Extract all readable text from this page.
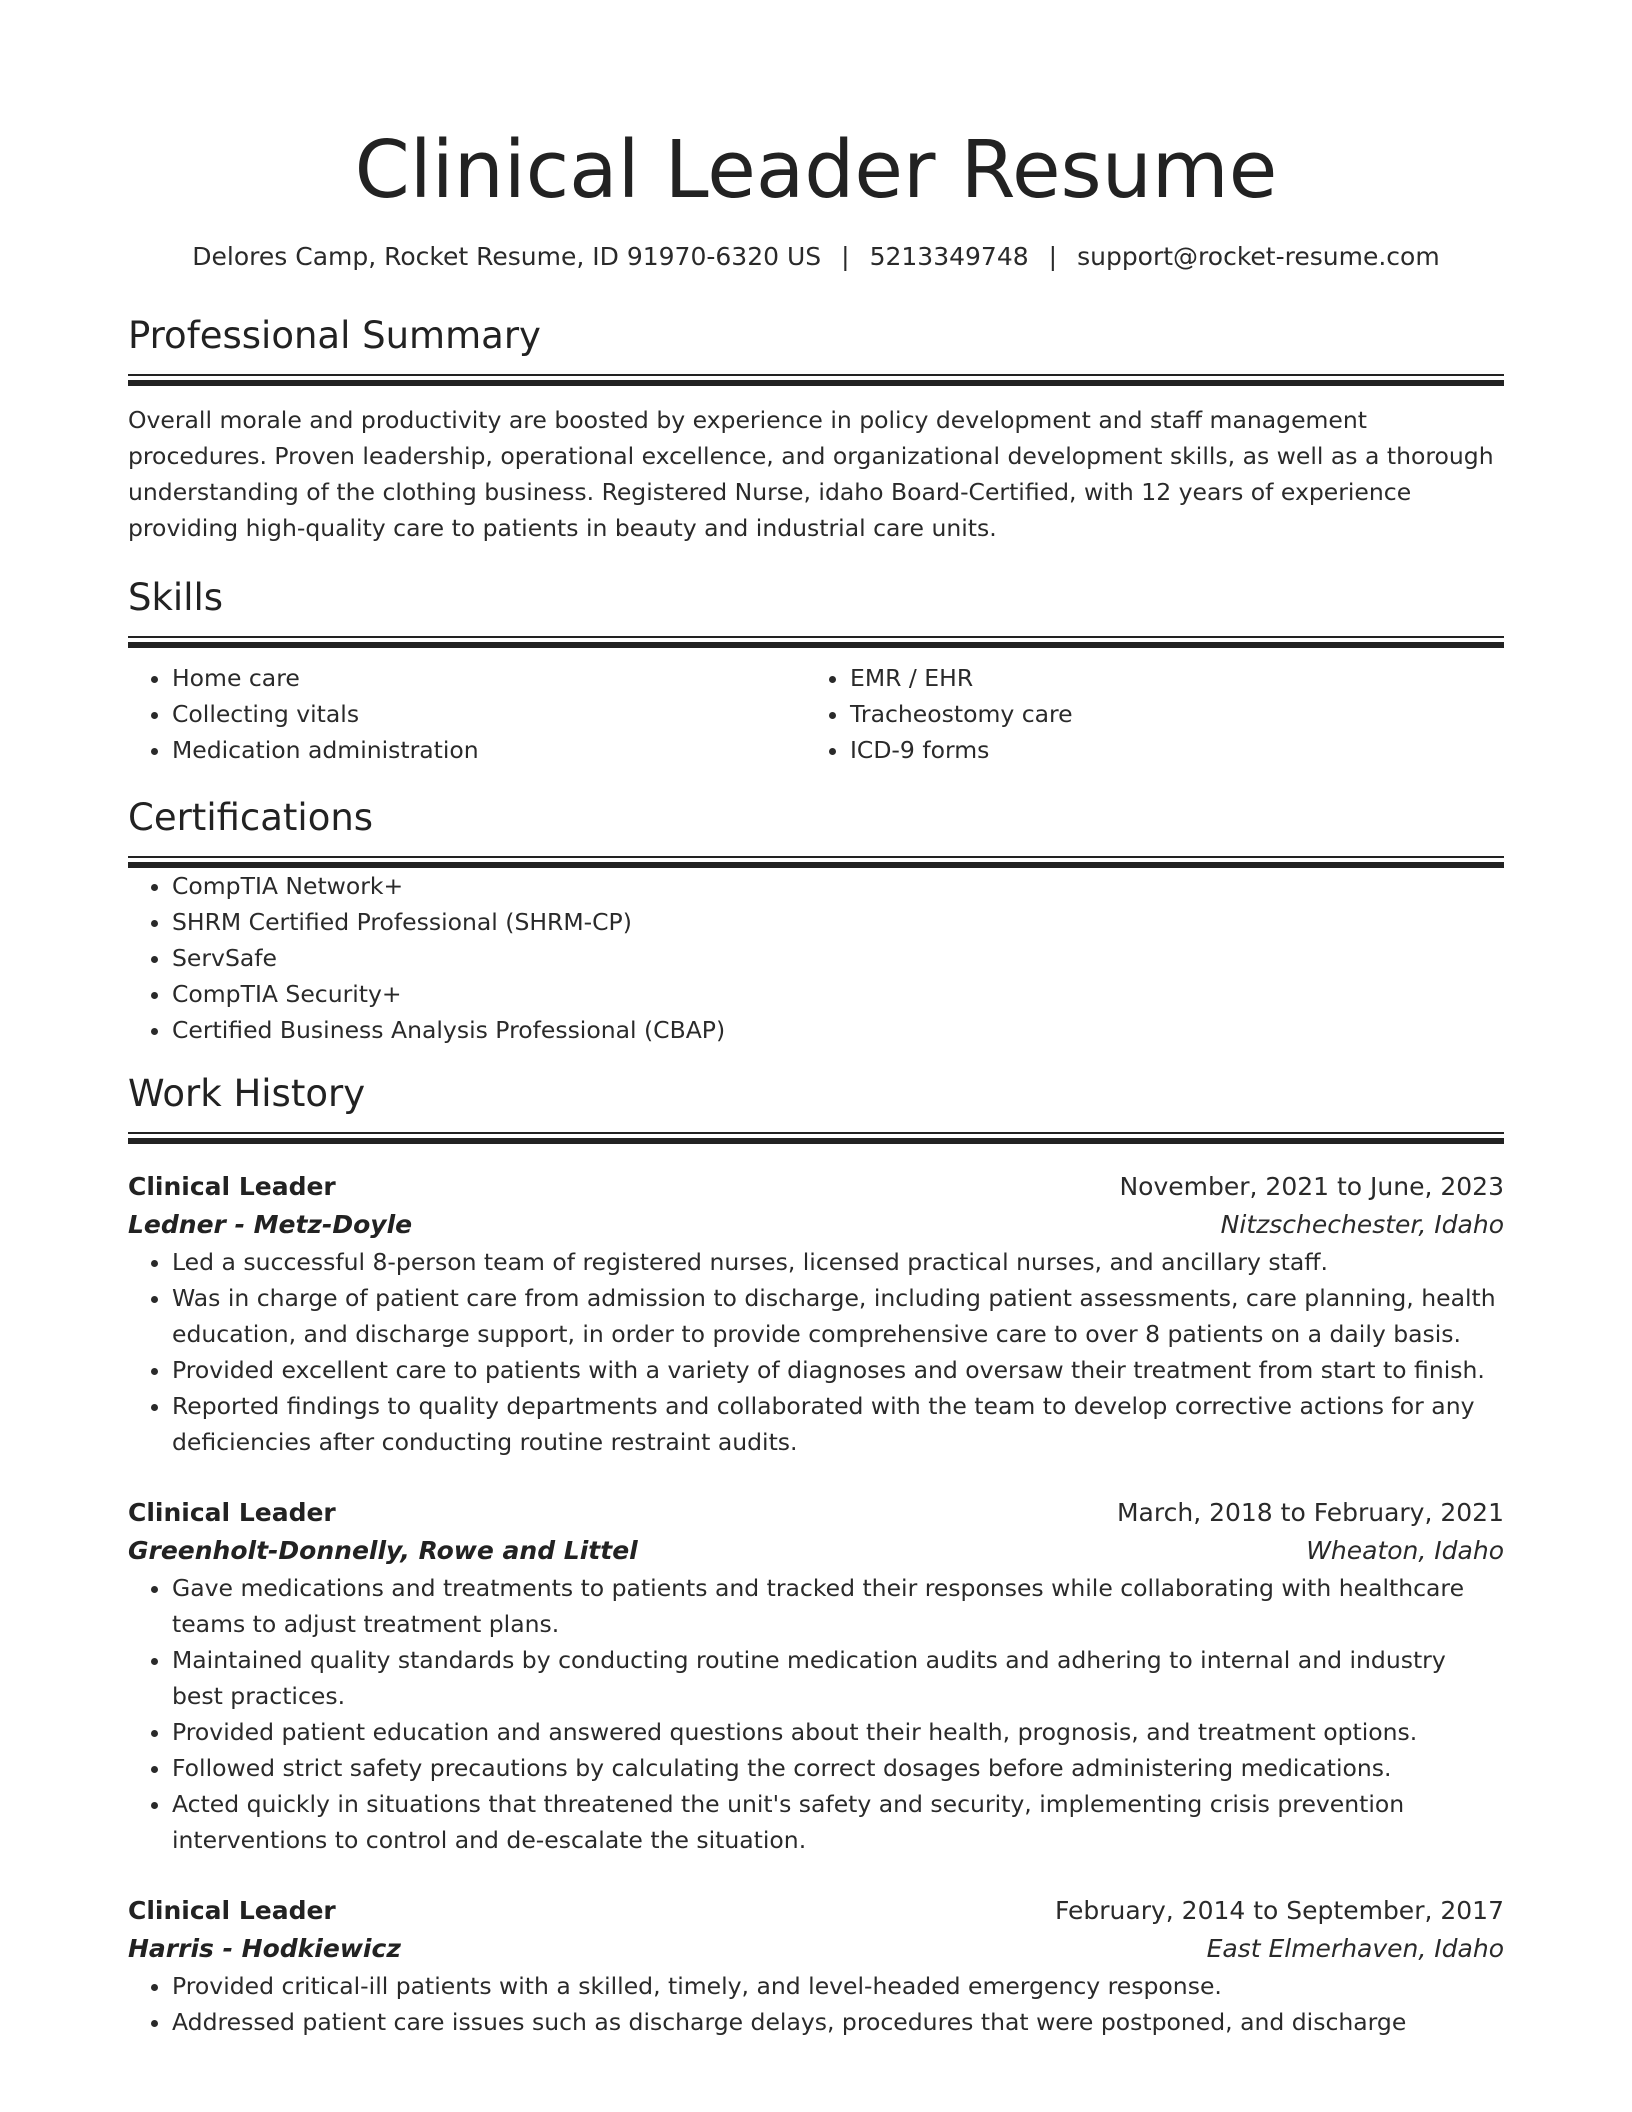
Clinical Leader Resume
Delores Camp, Rocket Resume, ID 91970-6320 US | 5213349748 | support@rocket-resume.com
Professional Summary

Overall morale and productivity are boosted by experience in policy development and staff management procedures. Proven leadership, operational excellence, and organizational development skills, as well as a thorough understanding of the clothing business. Registered Nurse, idaho Board-Certified, with 12 years of experience providing high-quality care to patients in beauty and industrial care units.

Skills
• Home care
• Collecting vitals
• Medication administration
• EMR / EHR
• Tracheostomy care
• ICD-9 forms
Certifications
• CompTIA Network+
• SHRM Certified Professional (SHRM-CP)
• ServSafe
• CompTIA Security+
• Certified Business Analysis Professional (CBAP)
Work History
Clinical Leader	November, 2021 to June, 2023
Ledner - Metz-Doyle	Nitzschechester, Idaho
• Led a successful 8-person team of registered nurses, licensed practical nurses, and ancillary staff.
• Was in charge of patient care from admission to discharge, including patient assessments, care planning, health education, and discharge support, in order to provide comprehensive care to over 8 patients on a daily basis.
• Provided excellent care to patients with a variety of diagnoses and oversaw their treatment from start to finish.
• Reported findings to quality departments and collaborated with the team to develop corrective actions for any deficiencies after conducting routine restraint audits.
Clinical Leader	March, 2018 to February, 2021
Greenholt-Donnelly, Rowe and Littel	Wheaton, Idaho
• Gave medications and treatments to patients and tracked their responses while collaborating with healthcare teams to adjust treatment plans.
• Maintained quality standards by conducting routine medication audits and adhering to internal and industry best practices.
• Provided patient education and answered questions about their health, prognosis, and treatment options.
• Followed strict safety precautions by calculating the correct dosages before administering medications.
• Acted quickly in situations that threatened the unit's safety and security, implementing crisis prevention interventions to control and de-escalate the situation.
Clinical Leader	February, 2014 to September, 2017
Harris - Hodkiewicz	East Elmerhaven, Idaho
• Provided critical-ill patients with a skilled, timely, and level-headed emergency response.
• Addressed patient care issues such as discharge delays, procedures that were postponed, and discharge
